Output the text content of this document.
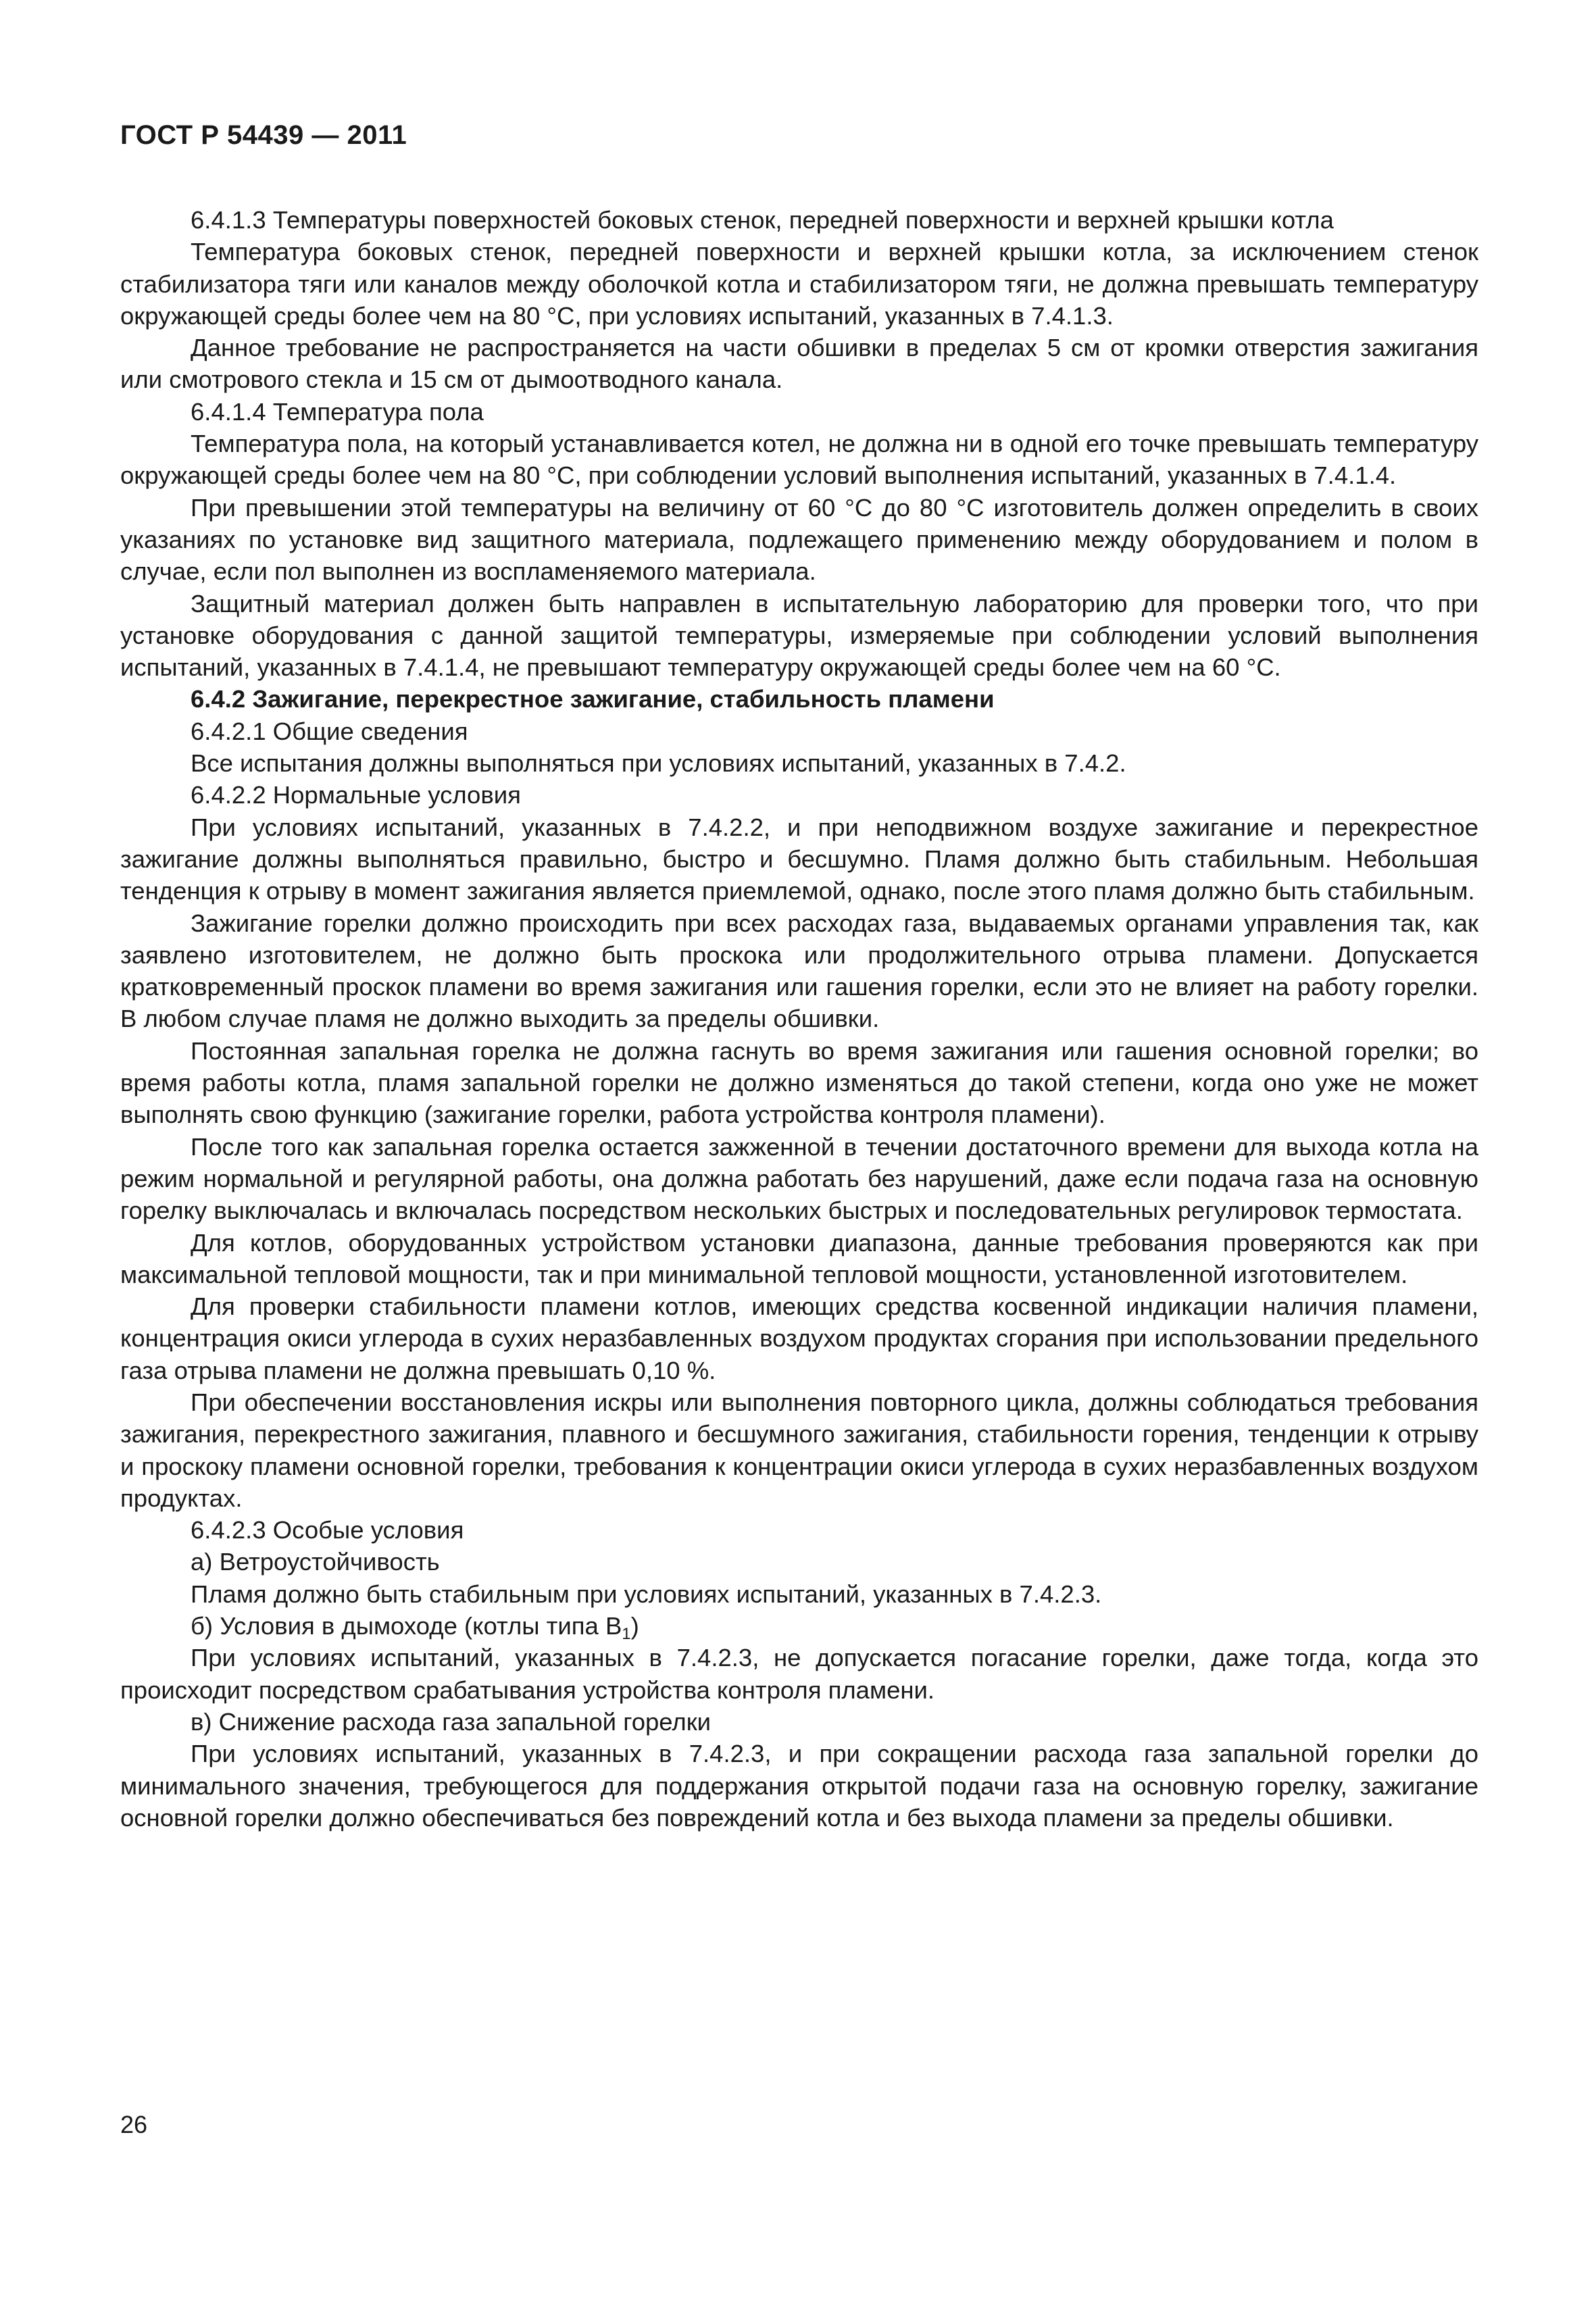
ГОСТ Р 54439 — 2011

6.4.1.3 Температуры поверхностей боковых стенок, передней поверхности и верхней крышки котла

Температура боковых стенок, передней поверхности и верхней крышки котла, за исключением стенок стабилизатора тяги или каналов между оболочкой котла и стабилизатором тяги, не должна превышать температуру окружающей среды более чем на 80 °С, при условиях испытаний, указанных в 7.4.1.3.

Данное требование не распространяется на части обшивки в пределах 5 см от кромки отверстия зажигания или смотрового стекла и 15 см от дымоотводного канала.

6.4.1.4 Температура пола

Температура пола, на который устанавливается котел, не должна ни в одной его точке превышать температуру окружающей среды более чем на 80 °С, при соблюдении условий выполнения испытаний, указанных в 7.4.1.4.

При превышении этой температуры на величину от 60 °С до 80 °С изготовитель должен определить в своих указаниях по установке вид защитного материала, подлежащего применению между оборудованием и полом в случае, если пол выполнен из воспламеняемого материала.

Защитный материал должен быть направлен в испытательную лабораторию для проверки того, что при установке оборудования с данной защитой температуры, измеряемые при соблюдении условий выполнения испытаний, указанных в 7.4.1.4, не превышают температуру окружающей среды более чем на 60 °С.

6.4.2 Зажигание, перекрестное зажигание, стабильность пламени

6.4.2.1 Общие сведения

Все испытания должны выполняться при условиях испытаний, указанных в 7.4.2.

6.4.2.2 Нормальные условия

При условиях испытаний, указанных в 7.4.2.2, и при неподвижном воздухе зажигание и перекрестное зажигание должны выполняться правильно, быстро и бесшумно. Пламя должно быть стабильным. Небольшая тенденция к отрыву в момент зажигания является приемлемой, однако, после этого пламя должно быть стабильным.

Зажигание горелки должно происходить при всех расходах газа, выдаваемых органами управления так, как заявлено изготовителем, не должно быть проскока или продолжительного отрыва пламени. Допускается кратковременный проскок пламени во время зажигания или гашения горелки, если это не влияет на работу горелки. В любом случае пламя не должно выходить за пределы обшивки.

Постоянная запальная горелка не должна гаснуть во время зажигания или гашения основной горелки; во время работы котла, пламя запальной горелки не должно изменяться до такой степени, когда оно уже не может выполнять свою функцию (зажигание горелки, работа устройства контроля пламени).

После того как запальная горелка остается зажженной в течении достаточного времени для выхода котла на режим нормальной и регулярной работы, она должна работать без нарушений, даже если подача газа на основную горелку выключалась и включалась посредством нескольких быстрых и последовательных регулировок термостата.

Для котлов, оборудованных устройством установки диапазона, данные требования проверяются как при максимальной тепловой мощности, так и при минимальной тепловой мощности, установленной изготовителем.

Для проверки стабильности пламени котлов, имеющих средства косвенной индикации наличия пламени, концентрация окиси углерода в сухих неразбавленных воздухом продуктах сгорания при использовании предельного газа отрыва пламени не должна превышать 0,10 %.

При обеспечении восстановления искры или выполнения повторного цикла, должны соблюдаться требования зажигания, перекрестного зажигания, плавного и бесшумного зажигания, стабильности горения, тенденции к отрыву и проскоку пламени основной горелки, требования к концентрации окиси углерода в сухих неразбавленных воздухом продуктах.

6.4.2.3 Особые условия

а) Ветроустойчивость

Пламя должно быть стабильным при условиях испытаний, указанных в 7.4.2.3.

б) Условия в дымоходе (котлы типа $В_1$)

При условиях испытаний, указанных в 7.4.2.3, не допускается погасание горелки, даже тогда, когда это происходит посредством срабатывания устройства контроля пламени.

в) Снижение расхода газа запальной горелки

При условиях испытаний, указанных в 7.4.2.3, и при сокращении расхода газа запальной горелки до минимального значения, требующегося для поддержания открытой подачи газа на основную горелку, зажигание основной горелки должно обеспечиваться без повреждений котла и без выхода пламени за пределы обшивки.

26
